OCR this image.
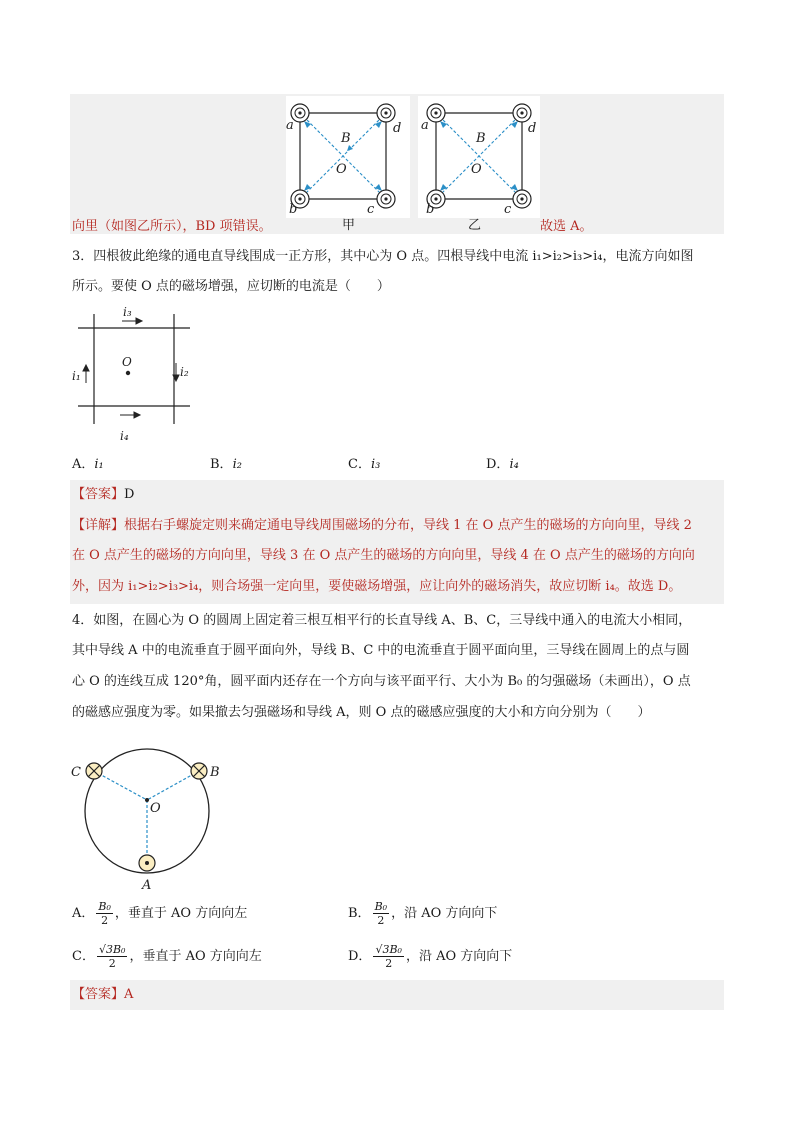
a	d
b	c
B
O
a	d
b	c
B
O
甲	乙
向里（如图乙所示），BD 项错误。	故选 A。
3．四根彼此绝缘的通电直导线围成一正方形，其中心为 O 点。四根导线中电流 i₁>i₂>i₃>i₄，电流方向如图
所示。要使 O 点的磁场增强，应切断的电流是（　　）
i₃
i₄
i₁	i₂
O
A．i₁	B．i₂	C．i₃	D．i₄
【答案】D
【详解】根据右手螺旋定则来确定通电导线周围磁场的分布，导线 1 在 O 点产生的磁场的方向向里，导线 2
在 O 点产生的磁场的方向向里，导线 3 在 O 点产生的磁场的方向向里，导线 4 在 O 点产生的磁场的方向向
外，因为 i₁>i₂>i₃>i₄，则合场强一定向里，要使磁场增强，应让向外的磁场消失，故应切断 i₄。故选 D。
4．如图，在圆心为 O 的圆周上固定着三根互相平行的长直导线 A、B、C，三导线中通入的电流大小相同，
其中导线 A 中的电流垂直于圆平面向外，导线 B、C 中的电流垂直于圆平面向里，三导线在圆周上的点与圆
心 O 的连线互成 120°角，圆平面内还存在一个方向与该平面平行、大小为 B₀ 的匀强磁场（未画出），O 点
的磁感应强度为零。如果撤去匀强磁场和导线 A，则 O 点的磁感应强度的大小和方向分别为（　　）
C	B
A
O
A． $\frac{\text{B₀}}{2}$ ，垂直于 AO 方向向左	B． $\frac{\text{B₀}}{2}$ ，沿 AO 方向向下
C． $\frac{\text{√3B₀}}{2}$ ，垂直于 AO 方向向左	D． $\frac{\text{√3B₀}}{2}$ ，沿 AO 方向向下
【答案】A
